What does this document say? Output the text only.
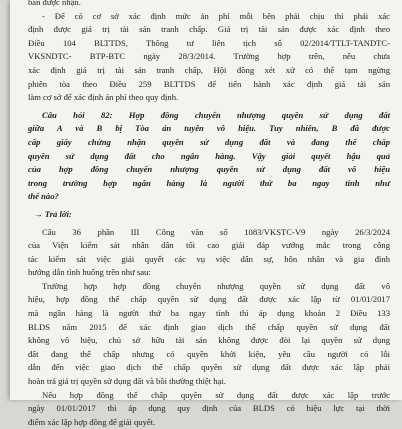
bán được nhận.
- Để có cơ sở xác định mức án phí mỗi bên phải chịu thì phải xác
định được giá trị tài sản tranh chấp. Giá trị tài sản được xác định theo
Điều 104 BLTTDS, Thông tư liên tịch số 02/2014/TTLT-TANDTC-
VKSNDTC- BTP-BTC ngày 28/3/2014. Trường hợp trên, nếu chưa
xác định giá trị tài sản tranh chấp, Hội đồng xét xử có thể tạm ngừng
phiên tòa theo Điều 259 BLTTDS để tiến hành xác định giá tài sản
làm cơ sở để xác định án phí theo quy định.
Câu hỏi 82: Hợp đồng chuyển nhượng quyền sử dụng đất
giữa A và B bị Tòa án tuyên vô hiệu. Tuy nhiên, B đã được
cấp giấy chứng nhận quyền sử dụng đất và đang thế chấp
quyền sử dụng đất cho ngân hàng. Vậy giải quyết hậu quả
của hợp đồng chuyển nhượng quyền sử dụng đất vô hiệu
trong trường hợp ngân hàng là người thứ ba ngay tình như
thế nào?
→ Trả lời:
Câu 36 phần III Công văn số 1083/VKSTC-V9 ngày 26/3/2024
của Viện kiểm sát nhân dân tối cao giải đáp vướng mắc trong công
tác kiểm sát việc giải quyết các vụ việc dân sự, hôn nhân và gia đình
hướng dẫn tình huống trên như sau:
Trường hợp hợp đồng chuyển nhượng quyền sử dụng đất vô
hiệu, hợp đồng thế chấp quyền sử dụng đất được xác lập từ 01/01/2017
mà ngân hàng là người thứ ba ngay tình thì áp dụng khoản 2 Điều 133
BLDS năm 2015 để xác định giao dịch thế chấp quyền sử dụng đất
không vô hiệu, chủ sở hữu tài sản không được đòi lại quyền sử dụng
đất đang thế chấp nhưng có quyền khởi kiện, yêu cầu người có lỗi
dẫn đến việc giao dịch thế chấp quyền sử dụng đất được xác lập phải
hoàn trả giá trị quyền sử dụng đất và bồi thường thiệt hại.
Nếu hợp đồng thế chấp quyền sử dụng đất được xác lập trước
ngày 01/01/2017 thì áp dụng quy định của BLDS có hiệu lực tại thời
điểm xác lập hợp đồng để giải quyết.
